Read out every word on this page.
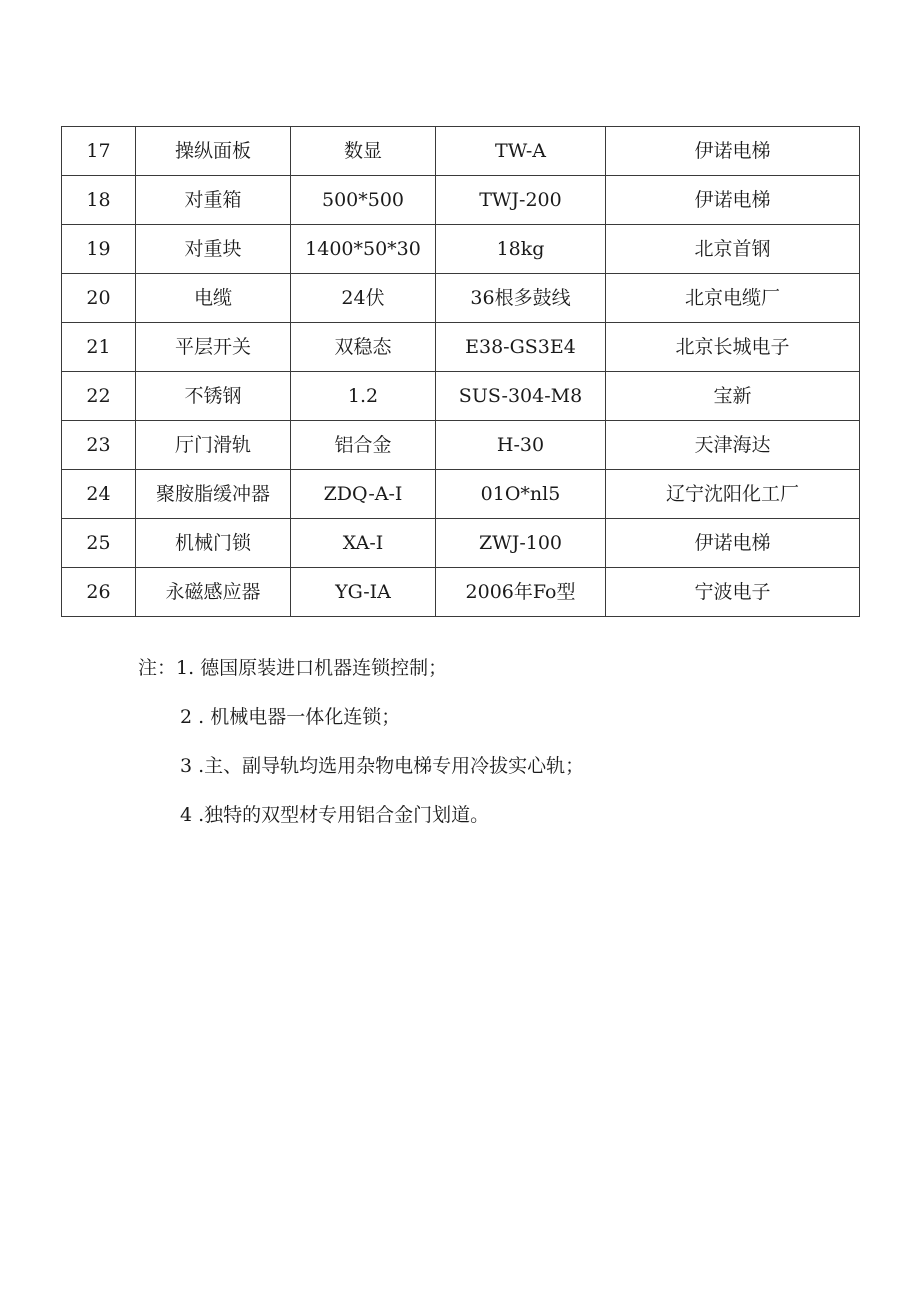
17	操纵面板	数显	TW-A	伊诺电梯
18	对重箱	500*500	TWJ-200	伊诺电梯
19	对重块	1400*50*30	18kg	北京首钢
20	电缆	24伏	36根多鼓线	北京电缆厂
21	平层开关	双稳态	E38-GS3E4	北京长城电子
22	不锈钢	1.2	SUS-304-M8	宝新
23	厅门滑轨	铝合金	H-30	天津海达
24	聚胺脂缓冲器	ZDQ-A-I	01O*nl5	辽宁沈阳化工厂
25	机械门锁	XA-I	ZWJ-100	伊诺电梯
26	永磁感应器	YG-IA	2006年Fo型	宁波电子
注：1. 德国原装进口机器连锁控制；
2 . 机械电器一体化连锁；
3 .主、副导轨均选用杂物电梯专用冷拔实心轨；
4 .独特的双型材专用铝合金门划道。
